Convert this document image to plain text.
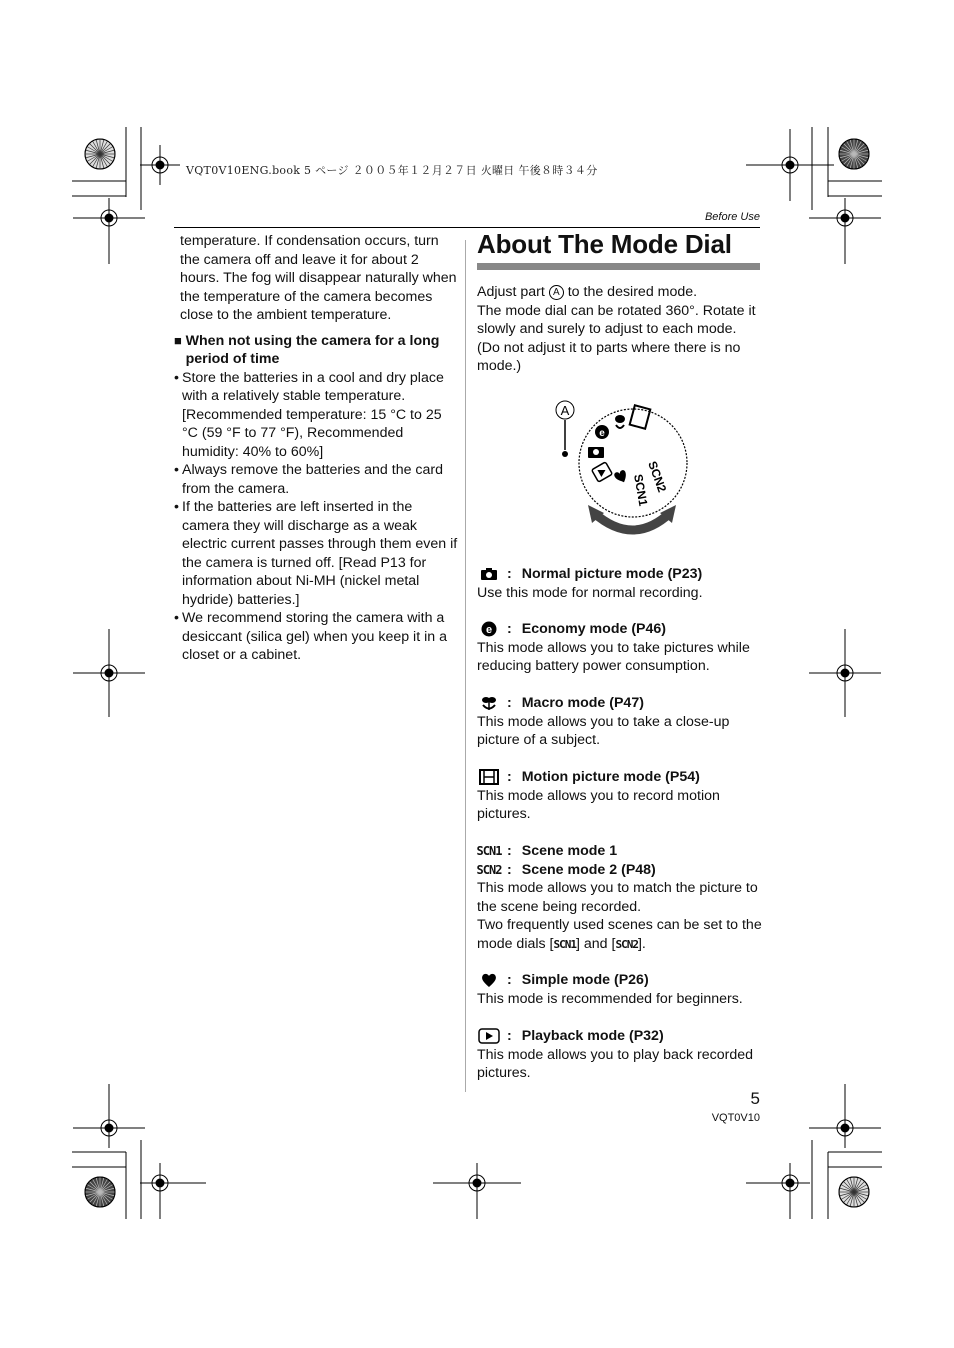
VQT0V10ENG.book 5 ページ ２００５年１２月２７日 火曜日 午後８時３４分
Before Use

temperature. If condensation occurs, turn the camera off and leave it for about 2 hours. The fog will disappear naturally when the temperature of the camera becomes close to the ambient temperature.

■ When not using the camera for a long period of time

• Store the batteries in a cool and dry place with a relatively stable temperature. [Recommended temperature: 15 °C to 25 °C (59 °F to 77 °F), Recommended humidity: 40% to 60%]

• Always remove the batteries and the card from the camera.

• If the batteries are left inserted in the camera they will discharge as a weak electric current passes through them even if the camera is turned off. [Read P13 for information about Ni-MH (nickel metal hydride) batteries.]

• We recommend storing the camera with a desiccant (silica gel) when you keep it in a closet or a cabinet.

About The Mode Dial
Adjust part A to the desired mode.
The mode dial can be rotated 360°. Rotate it slowly and surely to adjust to each mode. (Do not adjust it to parts where there is no mode.)
A
e
SCN1
SCN2
: Normal picture mode (P23)
Use this mode for normal recording.
e : Economy mode (P46)
This mode allows you to take pictures while reducing battery power consumption.
: Macro mode (P47)
This mode allows you to take a close-up picture of a subject.
: Motion picture mode (P54)
This mode allows you to record motion pictures.
SCN1 : Scene mode 1
SCN2 : Scene mode 2 (P48)
This mode allows you to match the picture to the scene being recorded.
Two frequently used scenes can be set to the mode dials [SCN1] and [SCN2].
: Simple mode (P26)
This mode is recommended for beginners.
: Playback mode (P32)
This mode allows you to play back recorded pictures.
5
VQT0V10
